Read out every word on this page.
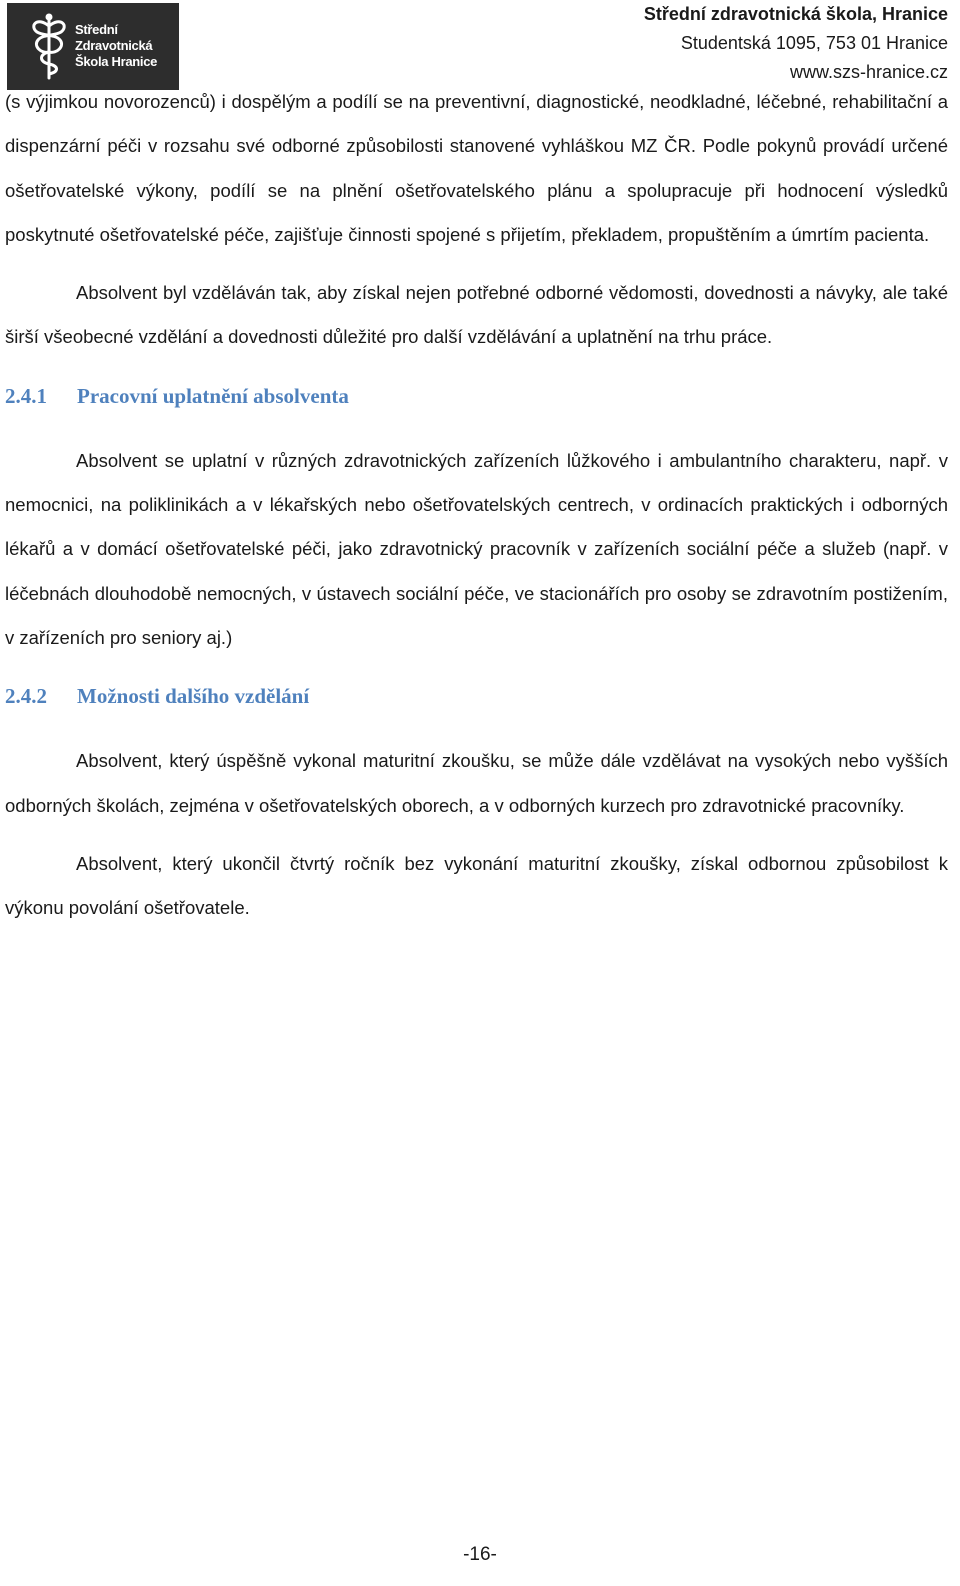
Střední
Zdravotnická
Škola Hranice
Střední zdravotnická škola, Hranice
Studentská 1095, 753 01 Hranice
www.szs-hranice.cz

(s výjimkou novorozenců) i dospělým a podílí se na preventivní, diagnostické, neodkladné, léčebné, rehabilitační a dispenzární péči v rozsahu své odborné způsobilosti stanovené vyhláškou MZ ČR. Podle pokynů provádí určené ošetřovatelské výkony, podílí se na plnění ošetřovatelského plánu a spolupracuje při hodnocení výsledků poskytnuté ošetřovatelské péče, zajišťuje činnosti spojené s přijetím, překladem, propuštěním a úmrtím pacienta.

Absolvent byl vzděláván tak, aby získal nejen potřebné odborné vědomosti, dovednosti a návyky, ale také širší všeobecné vzdělání a dovednosti důležité pro další vzdělávání a uplatnění na trhu práce.

2.4.1 Pracovní uplatnění absolventa

Absolvent se uplatní v různých zdravotnických zařízeních lůžkového i ambulantního charakteru, např. v nemocnici, na poliklinikách a v lékařských nebo ošetřovatelských centrech, v ordinacích praktických i odborných lékařů a v domácí ošetřovatelské péči, jako zdravotnický pracovník v zařízeních sociální péče a služeb (např. v léčebnách dlouhodobě nemocných, v ústavech sociální péče, ve stacionářích pro osoby se zdravotním postižením, v zařízeních pro seniory aj.)

2.4.2 Možnosti dalšího vzdělání

Absolvent, který úspěšně vykonal maturitní zkoušku, se může dále vzdělávat na vysokých nebo vyšších odborných školách, zejména v ošetřovatelských oborech, a v odborných kurzech pro zdravotnické pracovníky.

Absolvent, který ukončil čtvrtý ročník bez vykonání maturitní zkoušky, získal odbornou způsobilost k výkonu povolání ošetřovatele.

-16-
